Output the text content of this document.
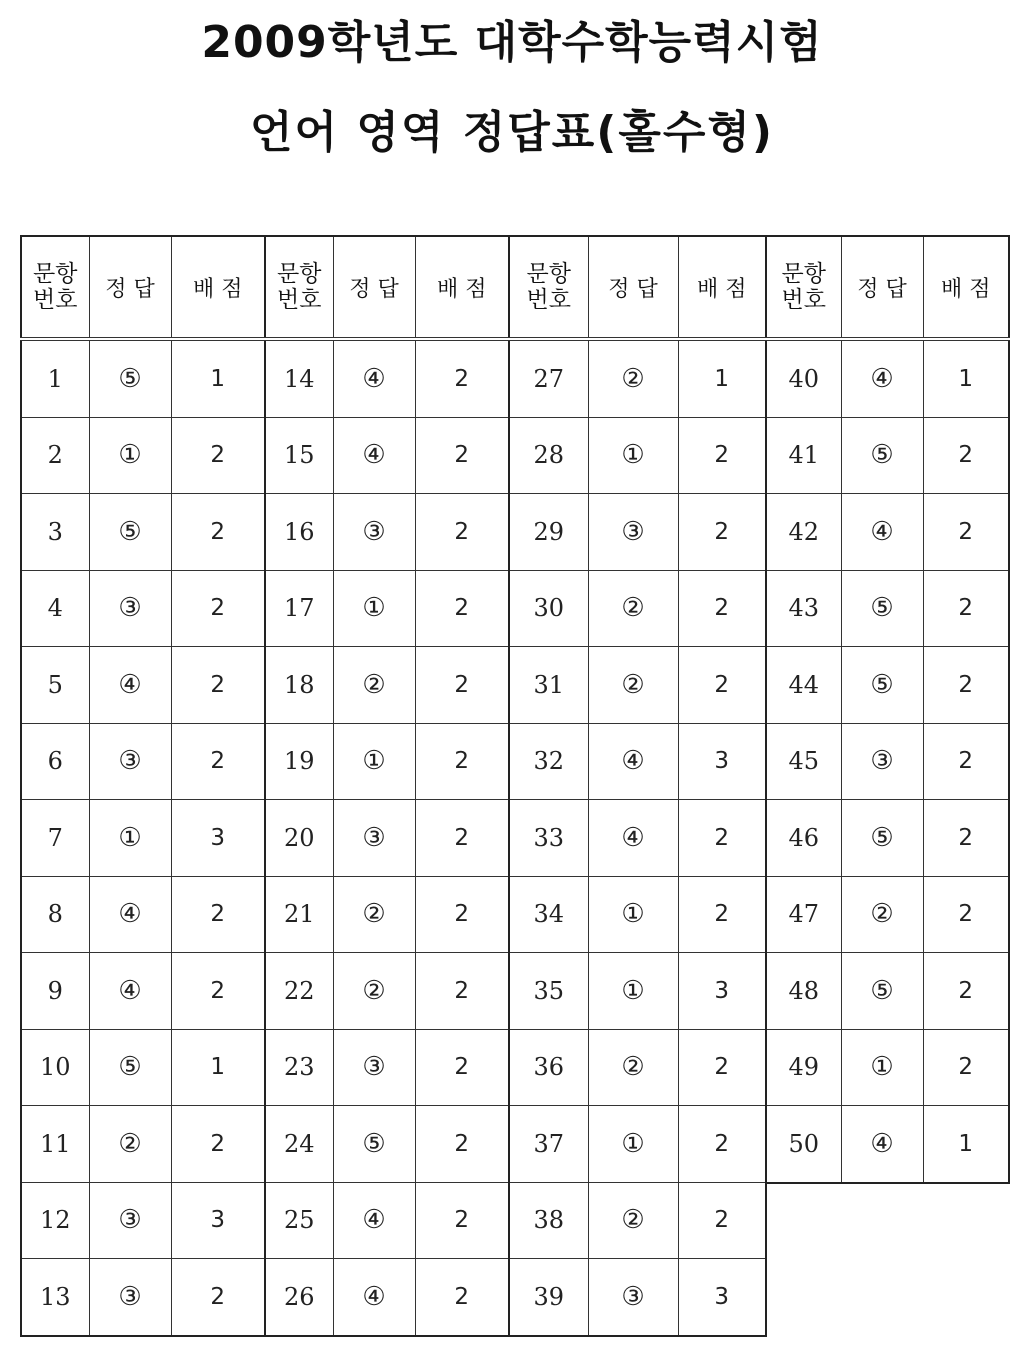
2009학년도 대학수학능력시험
언어 영역 정답표(홀수형)
문항
번호	정 답	배 점
1	⑤	1
2	①	2
3	⑤	2
4	③	2
5	④	2
6	③	2
7	①	3
8	④	2
9	④	2
10	⑤	1
11	②	2
12	③	3
13	③	2
문항
번호	정 답	배 점
14	④	2
15	④	2
16	③	2
17	①	2
18	②	2
19	①	2
20	③	2
21	②	2
22	②	2
23	③	2
24	⑤	2
25	④	2
26	④	2
문항
번호	정 답	배 점
27	②	1
28	①	2
29	③	2
30	②	2
31	②	2
32	④	3
33	④	2
34	①	2
35	①	3
36	②	2
37	①	2
38	②	2
39	③	3
문항
번호	정 답	배 점
40	④	1
41	⑤	2
42	④	2
43	⑤	2
44	⑤	2
45	③	2
46	⑤	2
47	②	2
48	⑤	2
49	①	2
50	④	1
